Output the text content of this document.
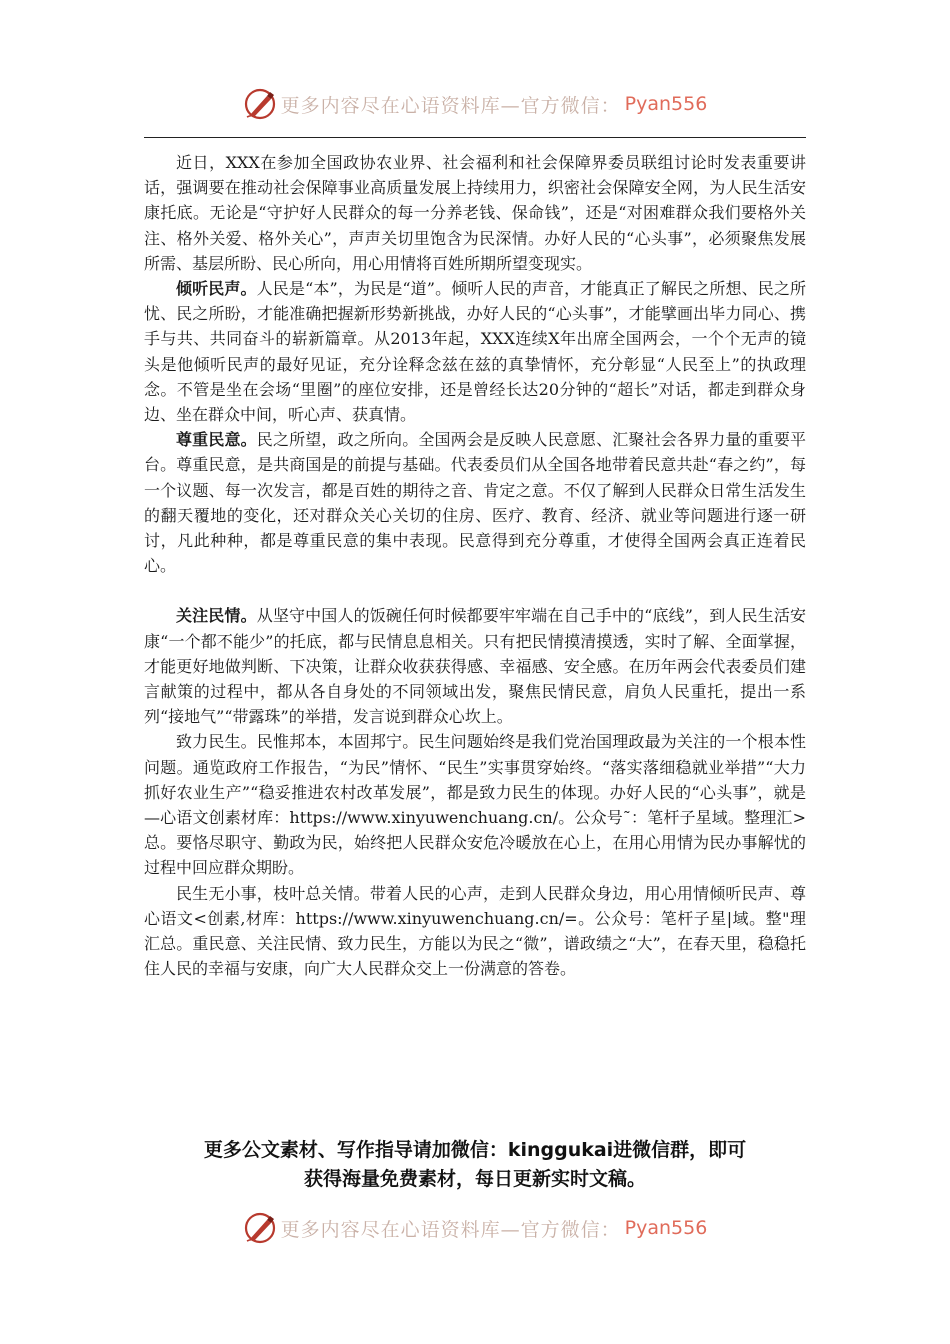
更多内容尽在心语资料库—官方微信： Pyan556

近日，XXX在参加全国政协农业界、社会福利和社会保障界委员联组讨论时发表重要讲话，强调要在推动社会保障事业高质量发展上持续用力，织密社会保障安全网，为人民生活安康托底。无论是“守护好人民群众的每一分养老钱、保命钱”，还是“对困难群众我们要格外关注、格外关爱、格外关心”，声声关切里饱含为民深情。办好人民的“心头事”，必须聚焦发展所需、基层所盼、民心所向，用心用情将百姓所期所望变现实。

倾听民声。人民是“本”，为民是“道”。倾听人民的声音，才能真正了解民之所想、民之所忧、民之所盼，才能准确把握新形势新挑战，办好人民的“心头事”，才能擘画出毕力同心、携手与共、共同奋斗的崭新篇章。从2013年起，XXX连续X年出席全国两会，一个个无声的镜头是他倾听民声的最好见证，充分诠释念兹在兹的真挚情怀，充分彰显“人民至上”的执政理念。不管是坐在会场“里圈”的座位安排，还是曾经长达20分钟的“超长”对话，都走到群众身边、坐在群众中间，听心声、获真情。

尊重民意。民之所望，政之所向。全国两会是反映人民意愿、汇聚社会各界力量的重要平台。尊重民意，是共商国是的前提与基础。代表委员们从全国各地带着民意共赴“春之约”，每一个议题、每一次发言，都是百姓的期待之音、肯定之意。不仅了解到人民群众日常生活发生的翻天覆地的变化，还对群众关心关切的住房、医疗、教育、经济、就业等问题进行逐一研讨，凡此种种，都是尊重民意的集中表现。民意得到充分尊重，才使得全国两会真正连着民心。

关注民情。从坚守中国人的饭碗任何时候都要牢牢端在自己手中的“底线”，到人民生活安康“一个都不能少”的托底，都与民情息息相关。只有把民情摸清摸透，实时了解、全面掌握，才能更好地做判断、下决策，让群众收获获得感、幸福感、安全感。在历年两会代表委员们建言献策的过程中，都从各自身处的不同领域出发，聚焦民情民意，肩负人民重托，提出一系列“接地气”“带露珠”的举措，发言说到群众心坎上。

致力民生。民惟邦本，本固邦宁。民生问题始终是我们党治国理政最为关注的一个根本性问题。通览政府工作报告，“为民”情怀、“民生”实事贯穿始终。“落实落细稳就业举措”“大力抓好农业生产”“稳妥推进农村改革发展”，都是致力民生的体现。办好人民的“心头事”，就是—心语文创素材库：https://www.xinyuwenchuang.cn/。公众号˜：笔杆子星域。整理汇>总。要恪尽职守、勤政为民，始终把人民群众安危冷暖放在心上，在用心用情为民办事解忧的过程中回应群众期盼。

民生无小事，枝叶总关情。带着人民的心声，走到人民群众身边，用心用情倾听民声、尊心语文<创素,材库：https://www.xinyuwenchuang.cn/=。公众号：笔杆子星|域。整"理汇总。重民意、关注民情、致力民生，方能以为民之“微”，谱政绩之“大”，在春天里，稳稳托住人民的幸福与安康，向广大人民群众交上一份满意的答卷。

更多公文素材、写作指导请加微信：kinggukai进微信群，即可
获得海量免费素材，每日更新实时文稿。
更多内容尽在心语资料库—官方微信： Pyan556
